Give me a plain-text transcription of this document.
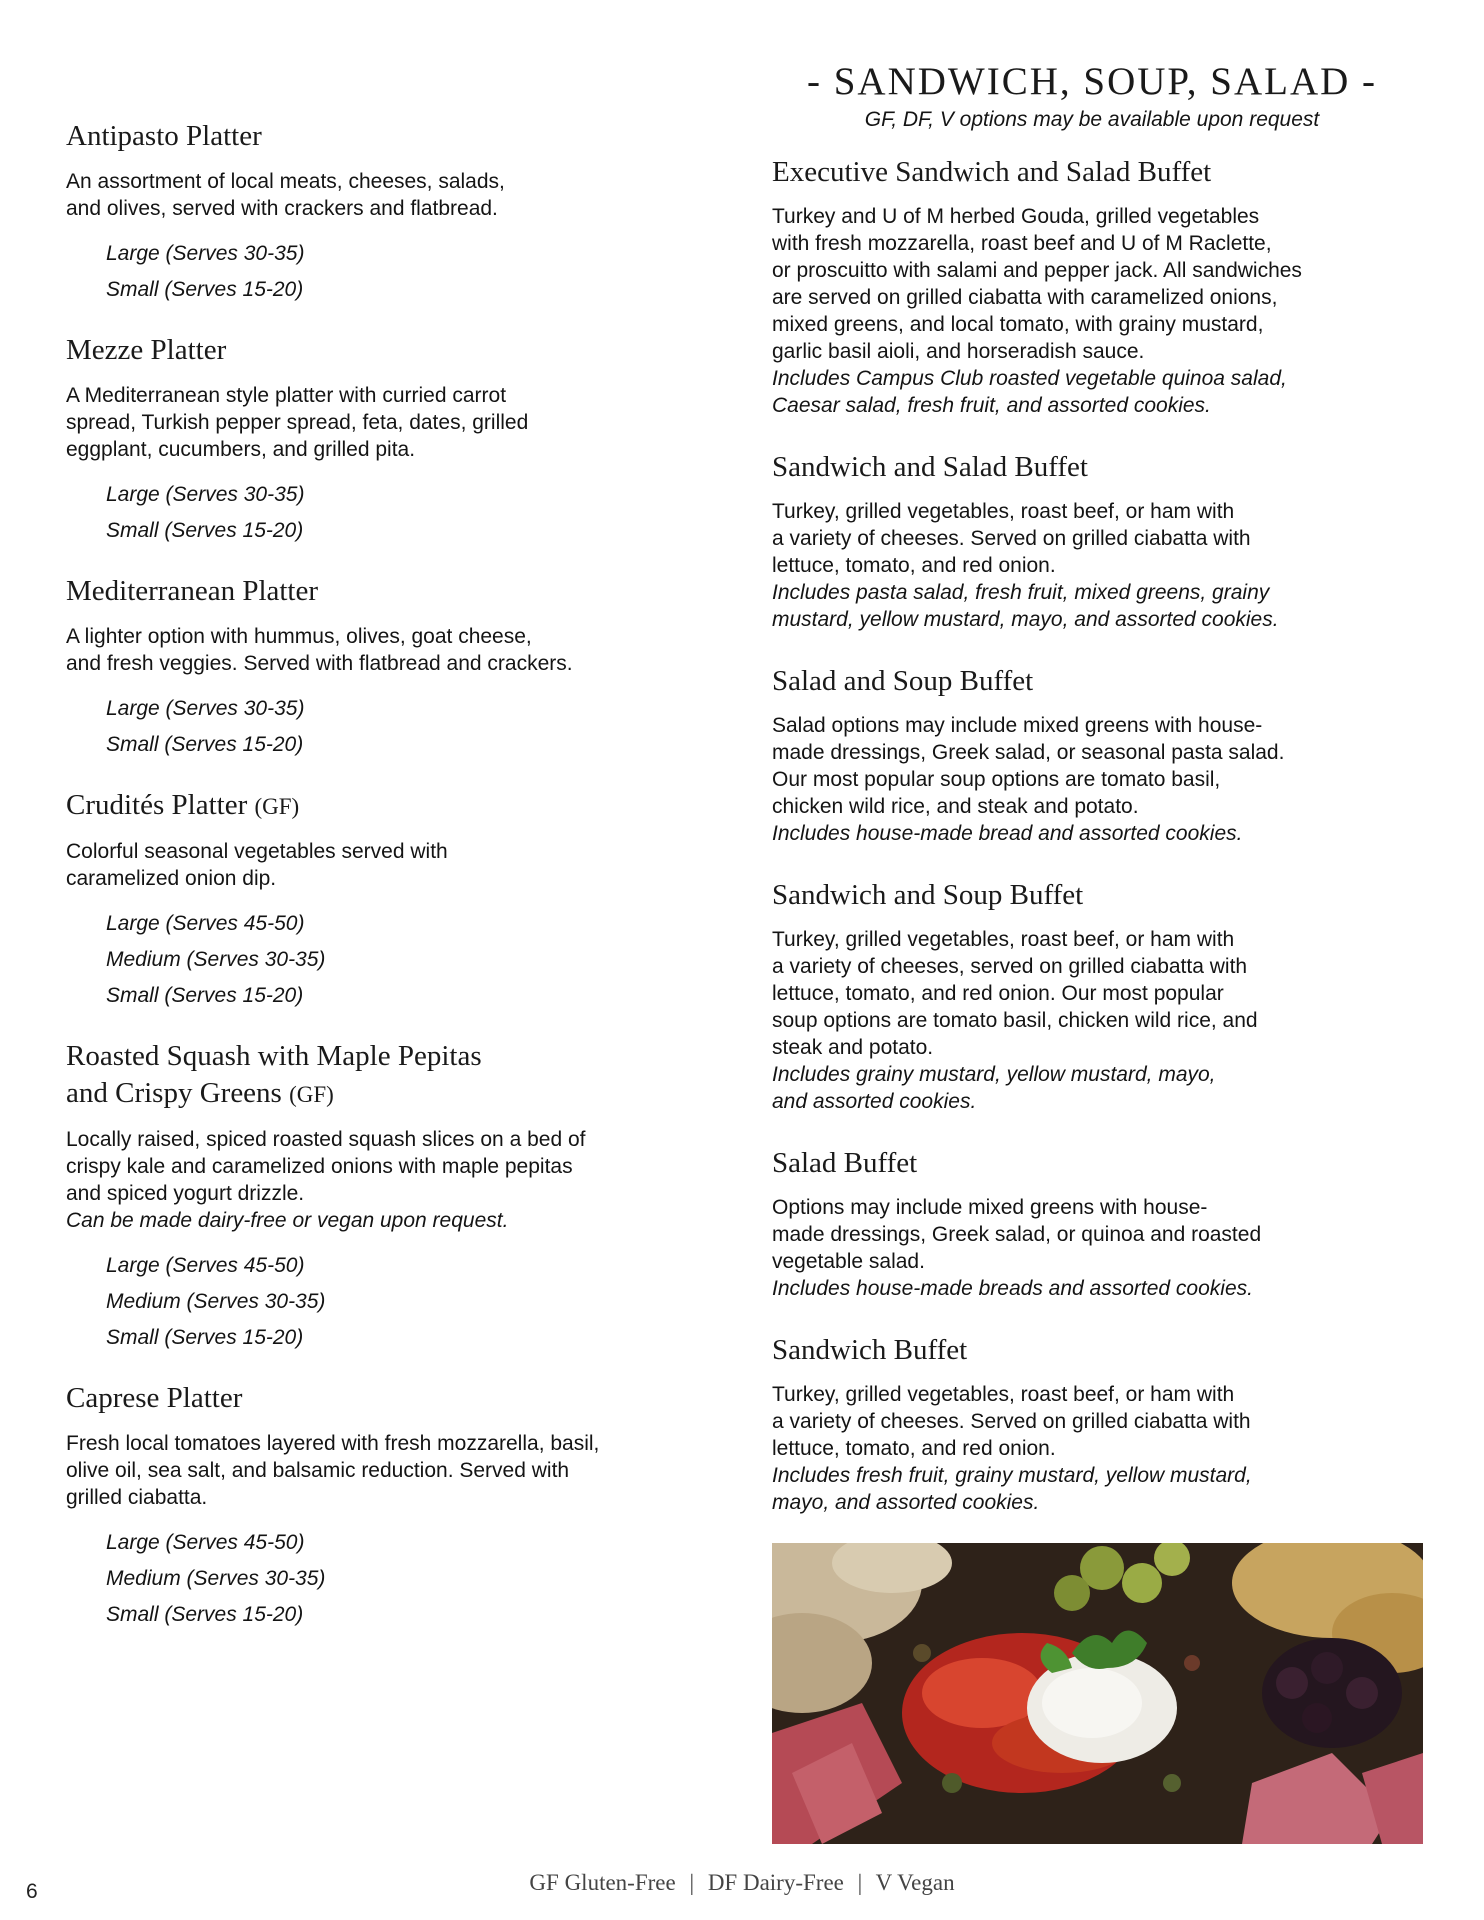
Antipasto Platter

An assortment of local meats, cheeses, salads,
and olives, served with crackers and flatbread.

Large (Serves 30-35)
Small (Serves 15-20)
Mezze Platter

A Mediterranean style platter with curried carrot
spread, Turkish pepper spread, feta, dates, grilled
eggplant, cucumbers, and grilled pita.

Large (Serves 30-35)
Small (Serves 15-20)
Mediterranean Platter

A lighter option with hummus, olives, goat cheese,
and fresh veggies. Served with flatbread and crackers.

Large (Serves 30-35)
Small (Serves 15-20)
Crudités Platter (GF)

Colorful seasonal vegetables served with
caramelized onion dip.

Large (Serves 45-50)
Medium (Serves 30-35)
Small (Serves 15-20)
Roasted Squash with Maple Pepitas
and Crispy Greens (GF)

Locally raised, spiced roasted squash slices on a bed of
crispy kale and caramelized onions with maple pepitas
and spiced yogurt drizzle.

Can be made dairy-free or vegan upon request.

Large (Serves 45-50)
Medium (Serves 30-35)
Small (Serves 15-20)
Caprese Platter

Fresh local tomatoes layered with fresh mozzarella, basil,
olive oil, sea salt, and balsamic reduction. Served with
grilled ciabatta.

Large (Serves 45-50)
Medium (Serves 30-35)
Small (Serves 15-20)
- SANDWICH, SOUP, SALAD -
GF, DF, V options may be available upon request
Executive Sandwich and Salad Buffet

Turkey and U of M herbed Gouda, grilled vegetables
with fresh mozzarella, roast beef and U of M Raclette,
or proscuitto with salami and pepper jack. All sandwiches
are served on grilled ciabatta with caramelized onions,
mixed greens, and local tomato, with grainy mustard,
garlic basil aioli, and horseradish sauce.

Includes Campus Club roasted vegetable quinoa salad,
Caesar salad, fresh fruit, and assorted cookies.

Sandwich and Salad Buffet

Turkey, grilled vegetables, roast beef, or ham with
a variety of cheeses. Served on grilled ciabatta with
lettuce, tomato, and red onion.

Includes pasta salad, fresh fruit, mixed greens, grainy
mustard, yellow mustard, mayo, and assorted cookies.

Salad and Soup Buffet

Salad options may include mixed greens with house-
made dressings, Greek salad, or seasonal pasta salad.
Our most popular soup options are tomato basil,
chicken wild rice, and steak and potato.

Includes house-made bread and assorted cookies.

Sandwich and Soup Buffet

Turkey, grilled vegetables, roast beef, or ham with
a variety of cheeses, served on grilled ciabatta with
lettuce, tomato, and red onion. Our most popular
soup options are tomato basil, chicken wild rice, and
steak and potato.

Includes grainy mustard, yellow mustard, mayo,
and assorted cookies.

Salad Buffet

Options may include mixed greens with house-
made dressings, Greek salad, or quinoa and roasted
vegetable salad.

Includes house-made breads and assorted cookies.

Sandwich Buffet

Turkey, grilled vegetables, roast beef, or ham with
a variety of cheeses. Served on grilled ciabatta with
lettuce, tomato, and red onion.

Includes fresh fruit, grainy mustard, yellow mustard,
mayo, and assorted cookies.

6	GF Gluten-Free | DF Dairy-Free | V Vegan
